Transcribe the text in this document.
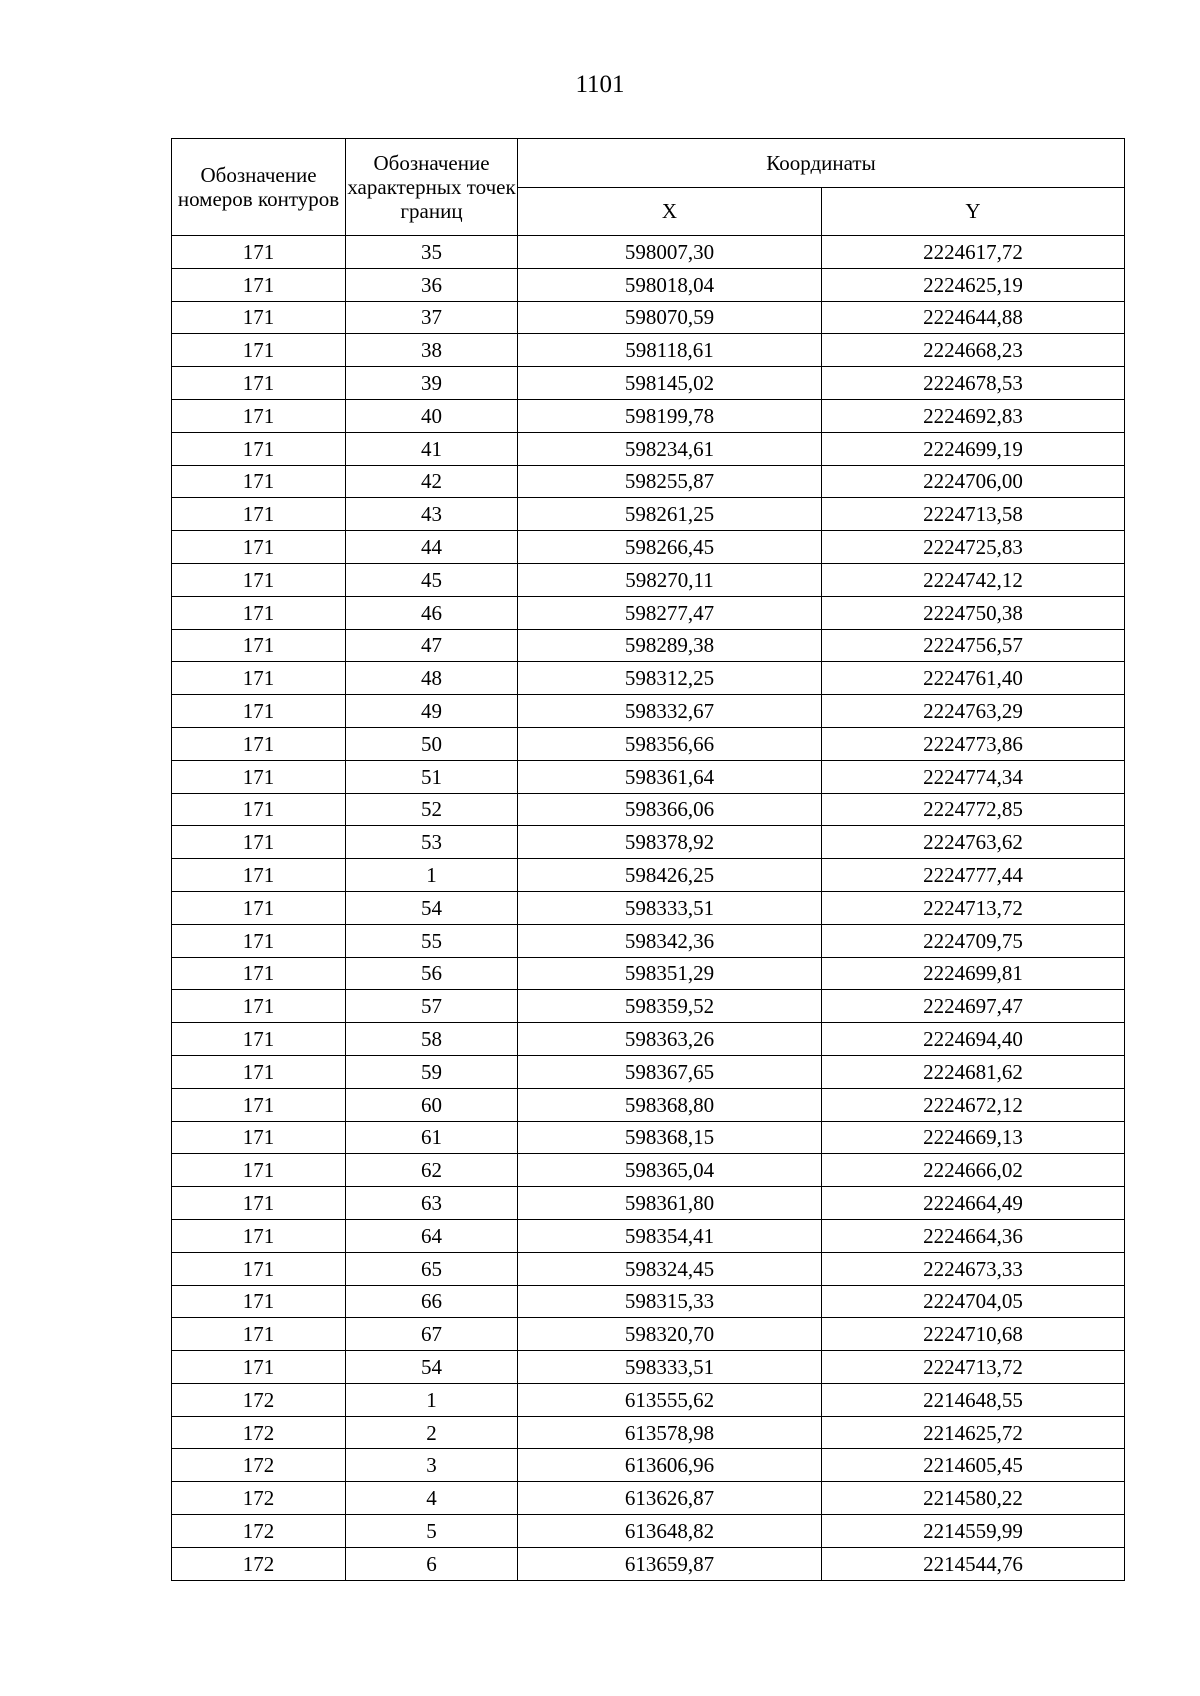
1101
Обозначение номеров контуров	Обозначение характерных точек границ	Координаты	
		X	Y
171	35	598007,30	2224617,72
171	36	598018,04	2224625,19
171	37	598070,59	2224644,88
171	38	598118,61	2224668,23
171	39	598145,02	2224678,53
171	40	598199,78	2224692,83
171	41	598234,61	2224699,19
171	42	598255,87	2224706,00
171	43	598261,25	2224713,58
171	44	598266,45	2224725,83
171	45	598270,11	2224742,12
171	46	598277,47	2224750,38
171	47	598289,38	2224756,57
171	48	598312,25	2224761,40
171	49	598332,67	2224763,29
171	50	598356,66	2224773,86
171	51	598361,64	2224774,34
171	52	598366,06	2224772,85
171	53	598378,92	2224763,62
171	1	598426,25	2224777,44
171	54	598333,51	2224713,72
171	55	598342,36	2224709,75
171	56	598351,29	2224699,81
171	57	598359,52	2224697,47
171	58	598363,26	2224694,40
171	59	598367,65	2224681,62
171	60	598368,80	2224672,12
171	61	598368,15	2224669,13
171	62	598365,04	2224666,02
171	63	598361,80	2224664,49
171	64	598354,41	2224664,36
171	65	598324,45	2224673,33
171	66	598315,33	2224704,05
171	67	598320,70	2224710,68
171	54	598333,51	2224713,72
172	1	613555,62	2214648,55
172	2	613578,98	2214625,72
172	3	613606,96	2214605,45
172	4	613626,87	2214580,22
172	5	613648,82	2214559,99
172	6	613659,87	2214544,76
